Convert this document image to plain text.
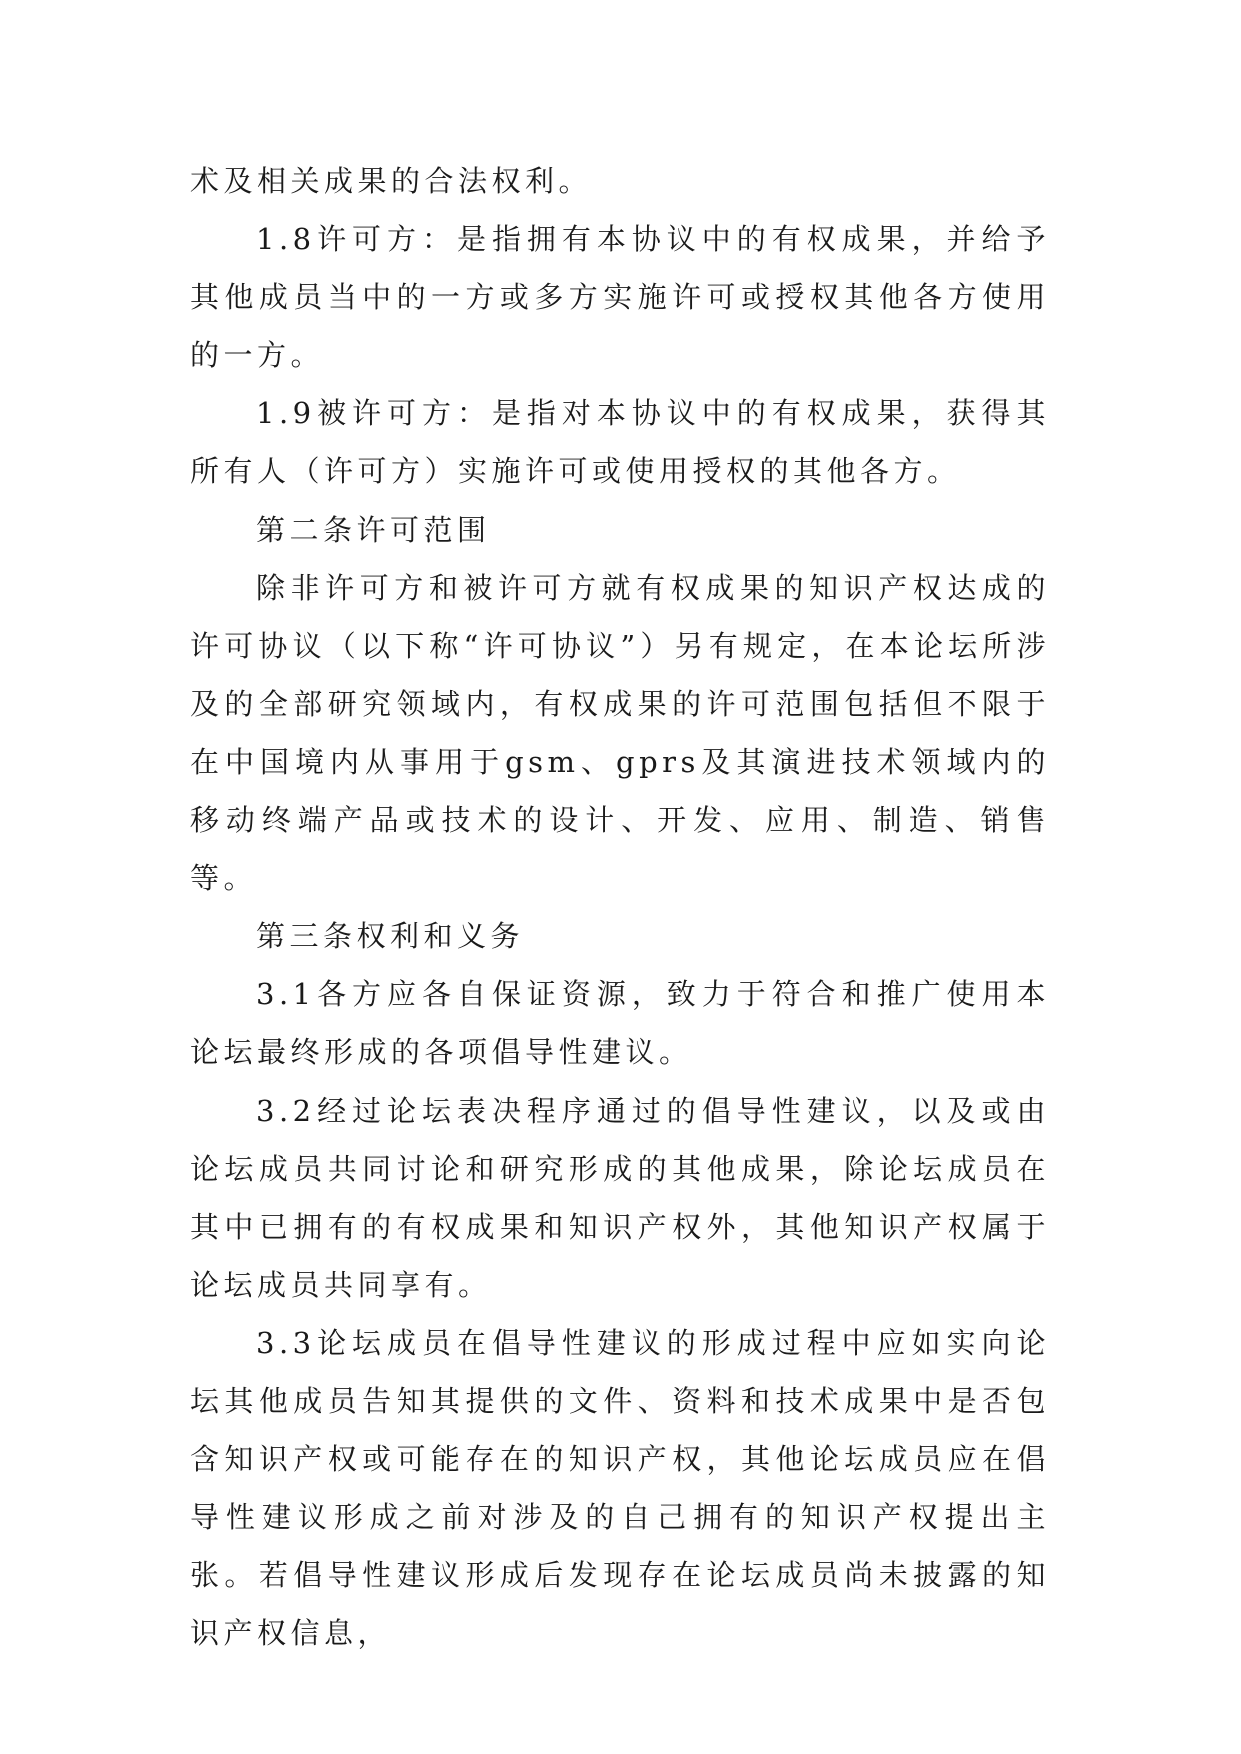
术及相关成果的合法权利。

1.8许可方：是指拥有本协议中的有权成果，并给予其他成员当中的一方或多方实施许可或授权其他各方使用的一方。

1.9被许可方：是指对本协议中的有权成果，获得其所有人（许可方）实施许可或使用授权的其他各方。

第二条许可范围

除非许可方和被许可方就有权成果的知识产权达成的许可协议（以下称“许可协议”）另有规定，在本论坛所涉及的全部研究领域内，有权成果的许可范围包括但不限于在中国境内从事用于gsm、gprs及其演进技术领域内的移动终端产品或技术的设计、开发、应用、制造、销售等。

第三条权利和义务

3.1各方应各自保证资源，致力于符合和推广使用本论坛最终形成的各项倡导性建议。

3.2经过论坛表决程序通过的倡导性建议，以及或由论坛成员共同讨论和研究形成的其他成果，除论坛成员在其中已拥有的有权成果和知识产权外，其他知识产权属于论坛成员共同享有。

3.3论坛成员在倡导性建议的形成过程中应如实向论坛其他成员告知其提供的文件、资料和技术成果中是否包含知识产权或可能存在的知识产权，其他论坛成员应在倡导性建议形成之前对涉及的自己拥有的知识产权提出主张。若倡导性建议形成后发现存在论坛成员尚未披露的知识产权信息，
